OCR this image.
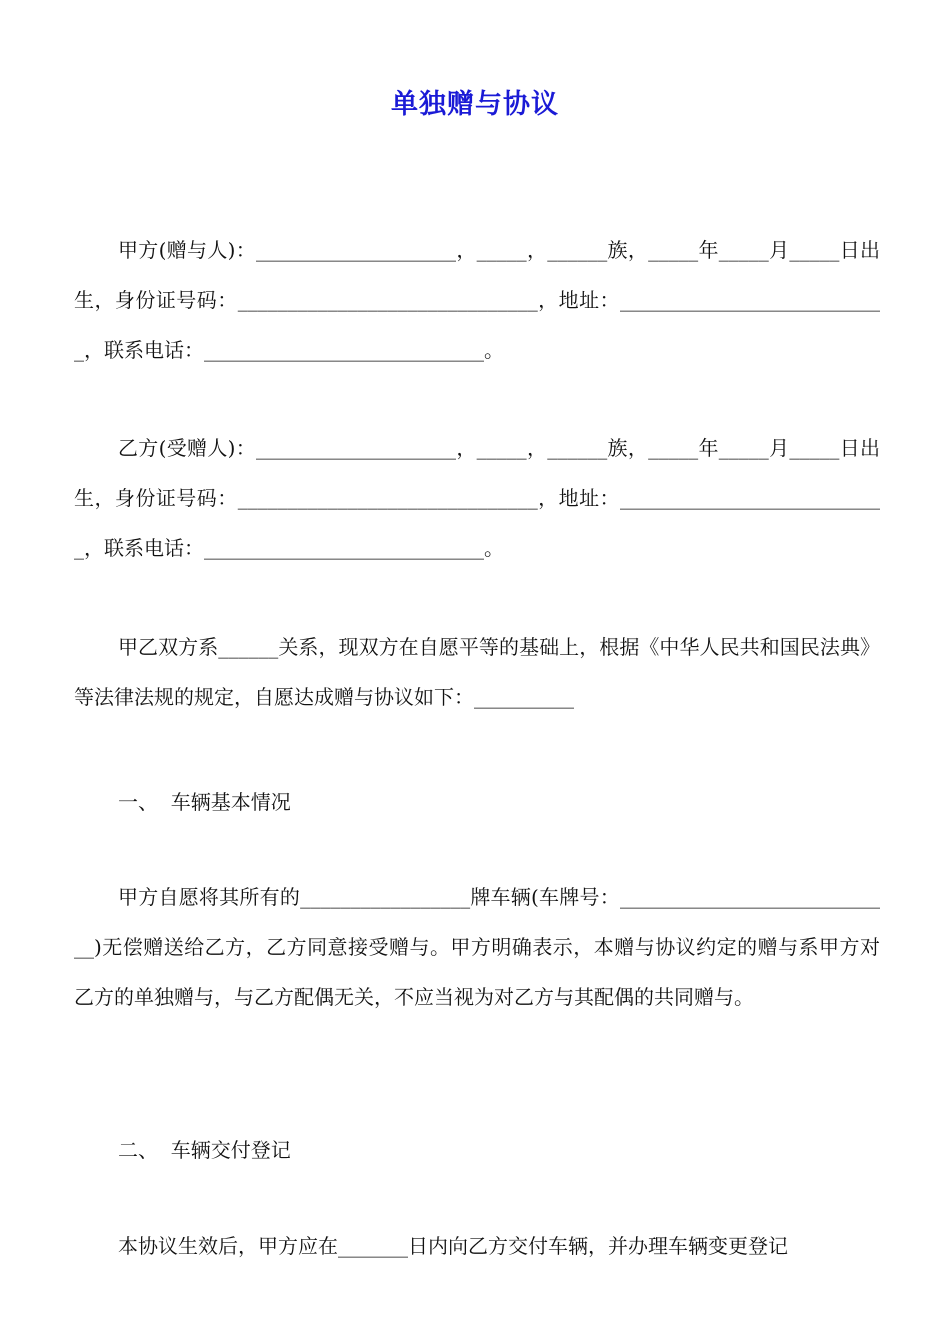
单独赠与协议
甲方(赠与人)：____________________，_____，______族，_____年_____月_____日出生，身份证号码：______________________________，地址：___________________________，联系电话：____________________________。
乙方(受赠人)：____________________，_____，______族，_____年_____月_____日出生，身份证号码：______________________________，地址：___________________________，联系电话：____________________________。
甲乙双方系______关系，现双方在自愿平等的基础上，根据《中华人民共和国民法典》等法律法规的规定，自愿达成赠与协议如下：__________
一、  车辆基本情况
甲方自愿将其所有的_________________牌车辆(车牌号：____________________________)无偿赠送给乙方，乙方同意接受赠与。甲方明确表示，本赠与协议约定的赠与系甲方对乙方的单独赠与，与乙方配偶无关，不应当视为对乙方与其配偶的共同赠与。
二、  车辆交付登记
本协议生效后，甲方应在_______日内向乙方交付车辆，并办理车辆变更登记
